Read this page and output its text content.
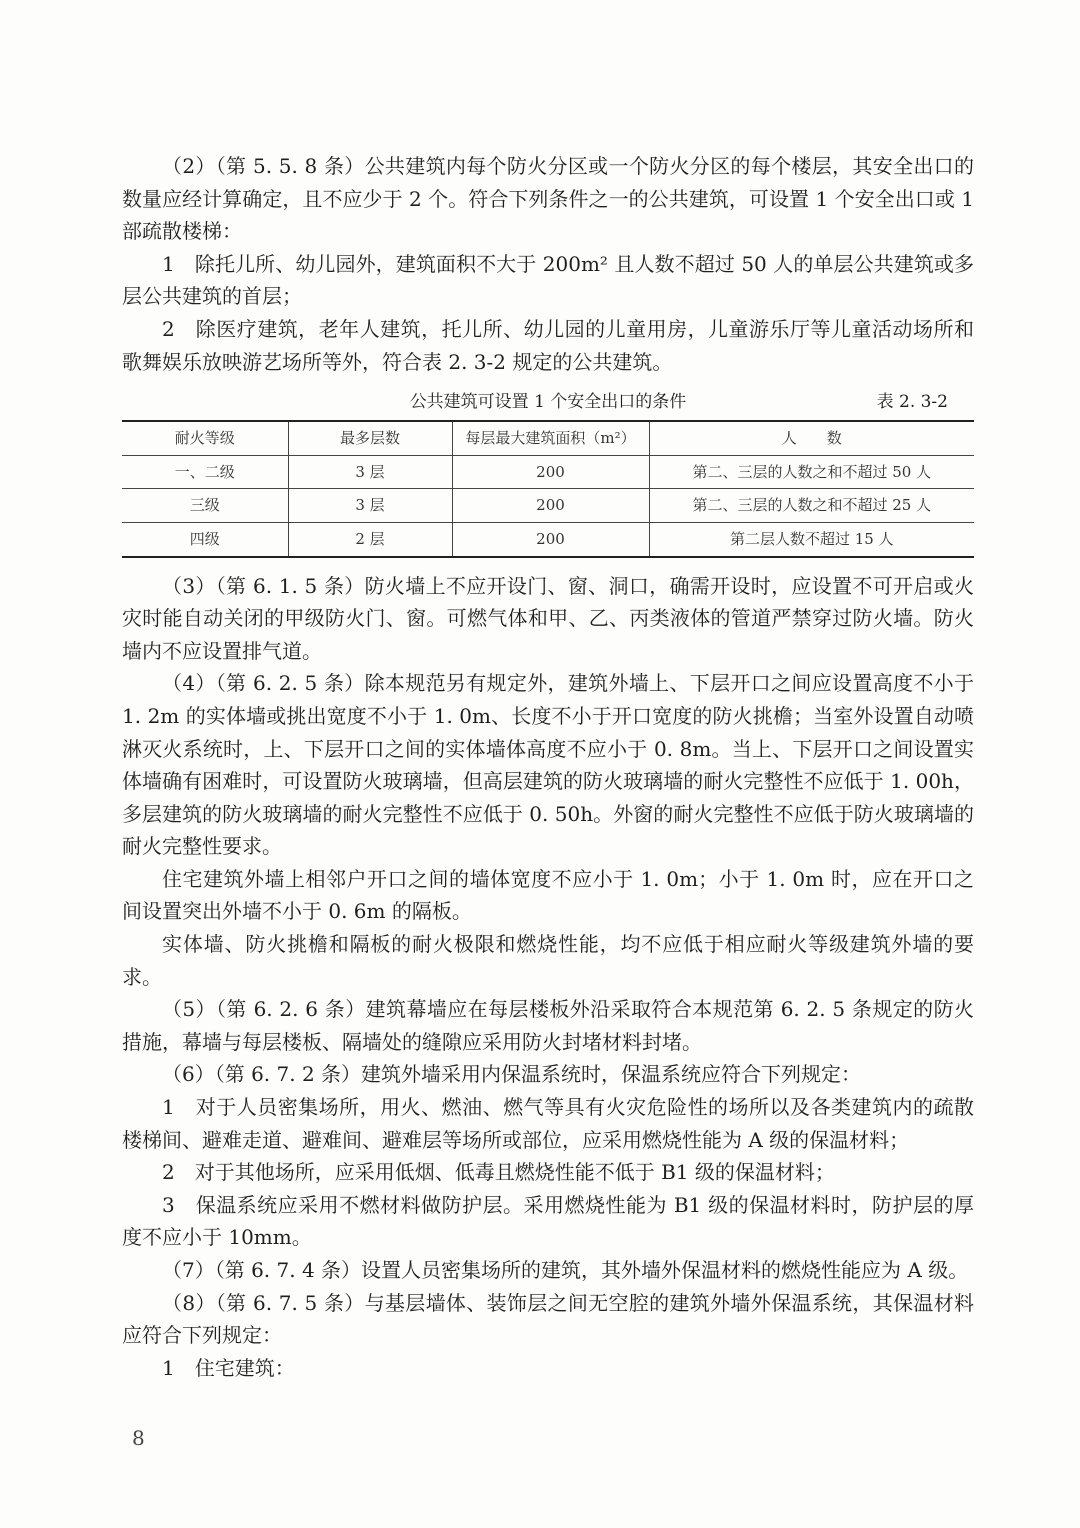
（2）（第 5. 5. 8 条）公共建筑内每个防火分区或一个防火分区的每个楼层，其安全出口的数量应经计算确定，且不应少于 2 个。符合下列条件之一的公共建筑，可设置 1 个安全出口或 1 部疏散楼梯：

1　除托儿所、幼儿园外，建筑面积不大于 200m² 且人数不超过 50 人的单层公共建筑或多层公共建筑的首层；

2　除医疗建筑，老年人建筑，托儿所、幼儿园的儿童用房，儿童游乐厅等儿童活动场所和歌舞娱乐放映游艺场所等外，符合表 2. 3-2 规定的公共建筑。

公共建筑可设置 1 个安全出口的条件	表 2. 3-2
耐火等级	最多层数	每层最大建筑面积（m²）	人　　数
一、二级	3 层	200	第二、三层的人数之和不超过 50 人
三级	3 层	200	第二、三层的人数之和不超过 25 人
四级	2 层	200	第二层人数不超过 15 人

（3）（第 6. 1. 5 条）防火墙上不应开设门、窗、洞口，确需开设时，应设置不可开启或火灾时能自动关闭的甲级防火门、窗。可燃气体和甲、乙、丙类液体的管道严禁穿过防火墙。防火墙内不应设置排气道。

（4）（第 6. 2. 5 条）除本规范另有规定外，建筑外墙上、下层开口之间应设置高度不小于 1. 2m 的实体墙或挑出宽度不小于 1. 0m、长度不小于开口宽度的防火挑檐；当室外设置自动喷淋灭火系统时，上、下层开口之间的实体墙体高度不应小于 0. 8m。当上、下层开口之间设置实体墙确有困难时，可设置防火玻璃墙，但高层建筑的防火玻璃墙的耐火完整性不应低于 1. 00h，多层建筑的防火玻璃墙的耐火完整性不应低于 0. 50h。外窗的耐火完整性不应低于防火玻璃墙的耐火完整性要求。

住宅建筑外墙上相邻户开口之间的墙体宽度不应小于 1. 0m；小于 1. 0m 时，应在开口之间设置突出外墙不小于 0. 6m 的隔板。

实体墙、防火挑檐和隔板的耐火极限和燃烧性能，均不应低于相应耐火等级建筑外墙的要求。

（5）（第 6. 2. 6 条）建筑幕墙应在每层楼板外沿采取符合本规范第 6. 2. 5 条规定的防火措施，幕墙与每层楼板、隔墙处的缝隙应采用防火封堵材料封堵。

（6）（第 6. 7. 2 条）建筑外墙采用内保温系统时，保温系统应符合下列规定：

1　对于人员密集场所，用火、燃油、燃气等具有火灾危险性的场所以及各类建筑内的疏散楼梯间、避难走道、避难间、避难层等场所或部位，应采用燃烧性能为 A 级的保温材料；

2　对于其他场所，应采用低烟、低毒且燃烧性能不低于 B1 级的保温材料；

3　保温系统应采用不燃材料做防护层。采用燃烧性能为 B1 级的保温材料时，防护层的厚度不应小于 10mm。

（7）（第 6. 7. 4 条）设置人员密集场所的建筑，其外墙外保温材料的燃烧性能应为 A 级。

（8）（第 6. 7. 5 条）与基层墙体、装饰层之间无空腔的建筑外墙外保温系统，其保温材料应符合下列规定：

1　住宅建筑：

8
